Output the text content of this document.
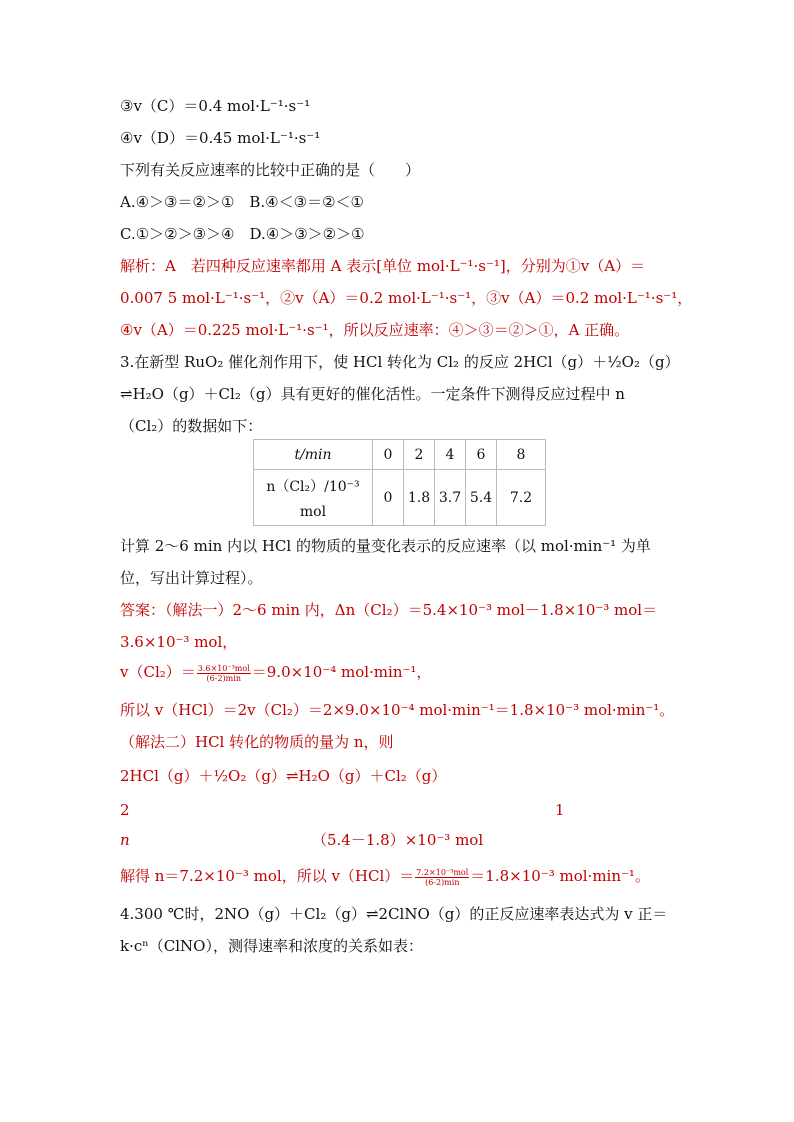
③v（C）＝0.4 mol·L⁻¹·s⁻¹
④v（D）＝0.45 mol·L⁻¹·s⁻¹
下列有关反应速率的比较中正确的是（　　）
A.④＞③＝②＞①　B.④＜③＝②＜①
C.①＞②＞③＞④　D.④＞③＞②＞①
解析：A　若四种反应速率都用 A 表示[单位 mol·L⁻¹·s⁻¹]，分别为①v（A）＝
0.007 5 mol·L⁻¹·s⁻¹，②v（A）＝0.2 mol·L⁻¹·s⁻¹，③v（A）＝0.2 mol·L⁻¹·s⁻¹，
④v（A）＝0.225 mol·L⁻¹·s⁻¹，所以反应速率：④＞③＝②＞①，A 正确。
3.在新型 RuO₂ 催化剂作用下，使 HCl 转化为 Cl₂ 的反应 2HCl（g）＋½O₂（g）
⇌H₂O（g）＋Cl₂（g）具有更好的催化活性。一定条件下测得反应过程中 n
（Cl₂）的数据如下：
t/min	0	2	4	6	8

n（Cl₂）/10⁻³
mol	0	1.8	3.7	5.4	7.2
计算 2～6 min 内以 HCl 的物质的量变化表示的反应速率（以 mol·min⁻¹ 为单
位，写出计算过程）。
答案：（解法一）2～6 min 内，Δn（Cl₂）＝5.4×10⁻³ mol－1.8×10⁻³ mol＝
3.6×10⁻³ mol，
$v(Cl_2)= \frac{\text{3.6×10⁻³mol}}{(6-2)\min} =9.0\times 10^{-4}$ mol·min⁻¹，
所以 v（HCl）＝2v（Cl₂）＝2×9.0×10⁻⁴ mol·min⁻¹＝1.8×10⁻³ mol·min⁻¹。
（解法二）HCl 转化的物质的量为 n，则
2HCl（g）＋½O₂（g）⇌H₂O（g）＋Cl₂（g）
2	1
n	（5.4－1.8）×10⁻³ mol
解得 n＝7.2×10⁻³ mol，所以 $v(HCl)= \frac{\text{7.2×10⁻³mol}}{(6-2)\min} =1.8\times 10^{-3}$ mol·min⁻¹。
4.300 ℃时，2NO（g）＋Cl₂（g）⇌2ClNO（g）的正反应速率表达式为 v 正＝
k·cⁿ（ClNO），测得速率和浓度的关系如表：
